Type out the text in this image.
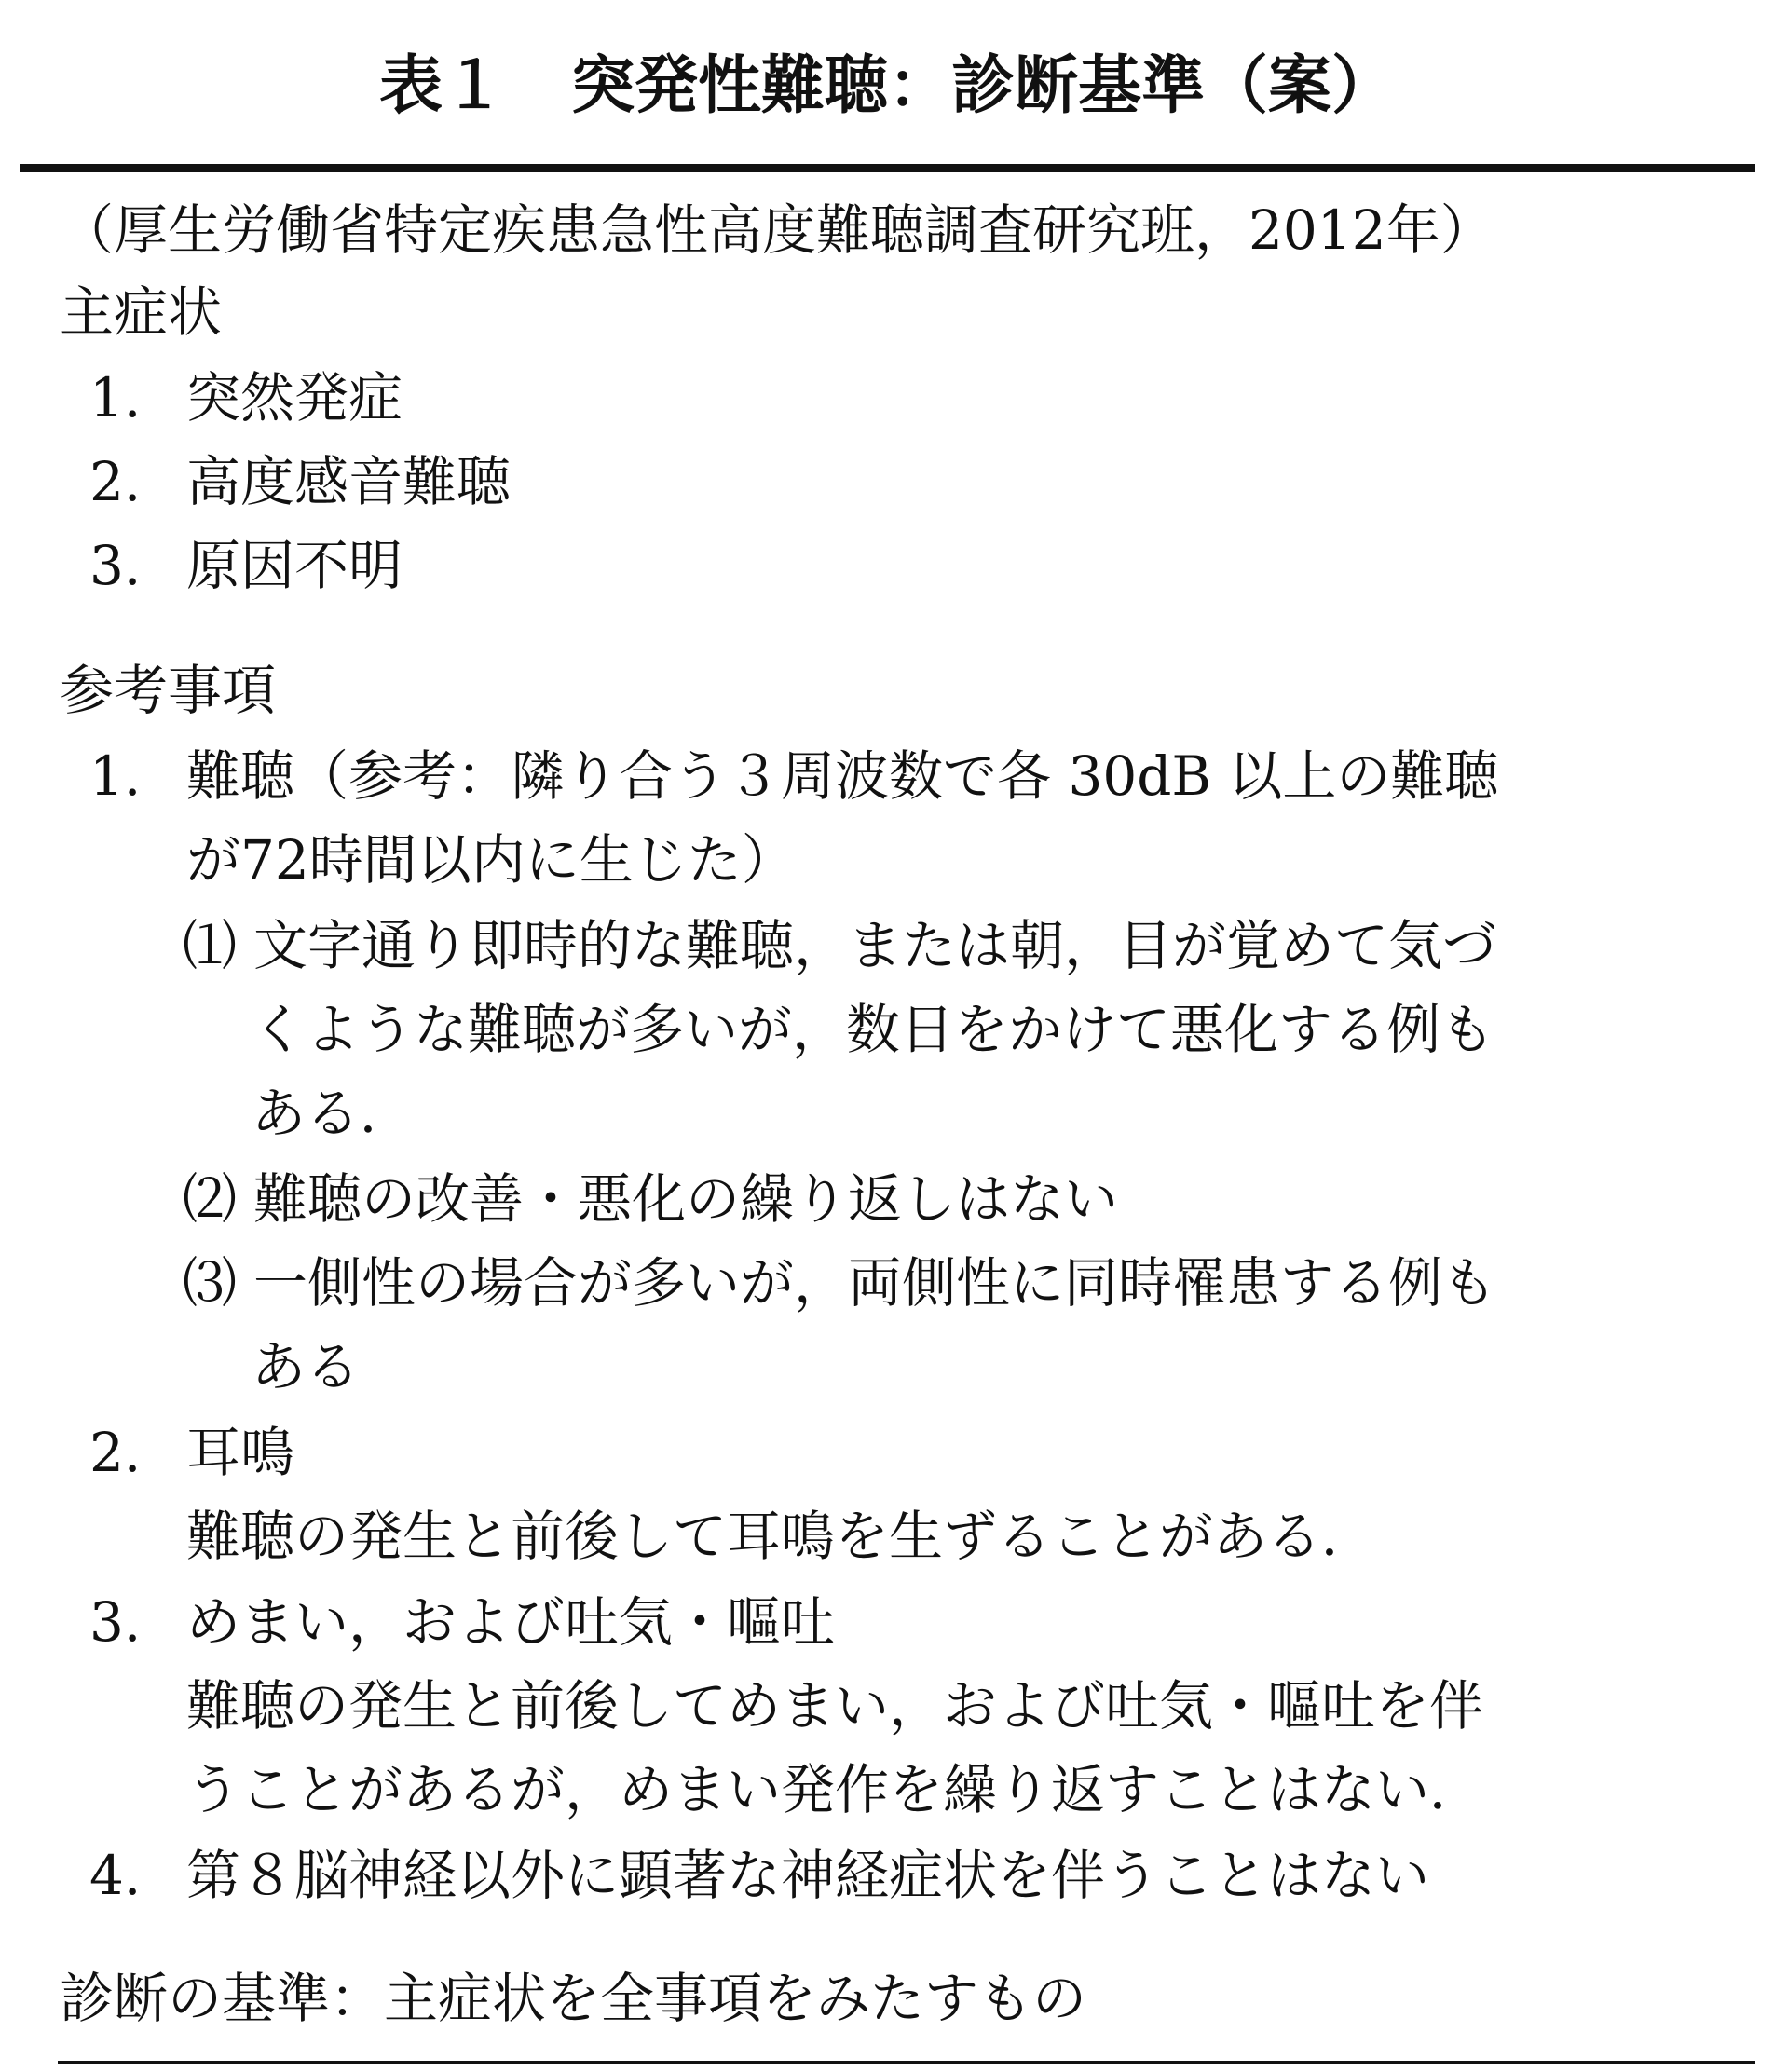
表１ 突発性難聴：診断基準（案）
（厚生労働省特定疾患急性高度難聴調査研究班，2012年）
主症状
1. 突然発症
2. 高度感音難聴
3. 原因不明
参考事項
1. 難聴（参考：隣り合う３周波数で各 30dB 以上の難聴
が72時間以内に生じた）
⑴ 文字通り即時的な難聴，または朝，目が覚めて気づ
くような難聴が多いが，数日をかけて悪化する例も
ある．
⑵ 難聴の改善・悪化の繰り返しはない
⑶ 一側性の場合が多いが，両側性に同時罹患する例も
ある
2. 耳鳴
難聴の発生と前後して耳鳴を生ずることがある．
3. めまい，および吐気・嘔吐
難聴の発生と前後してめまい，および吐気・嘔吐を伴
うことがあるが，めまい発作を繰り返すことはない．
4. 第８脳神経以外に顕著な神経症状を伴うことはない
診断の基準：主症状を全事項をみたすもの
